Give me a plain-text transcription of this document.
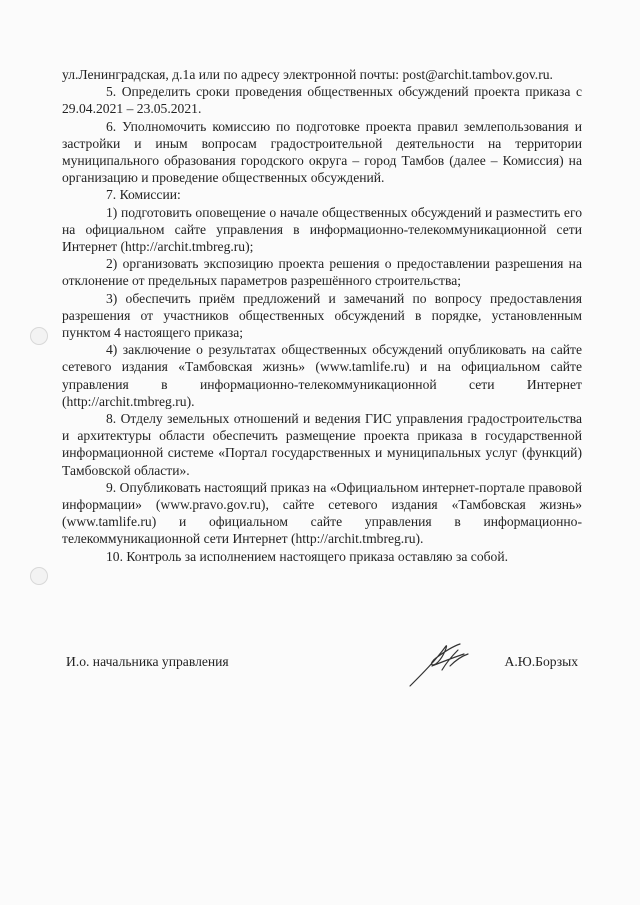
ул.Ленинградская, д.1а или по адресу электронной почты: post@archit.tambov.gov.ru.

5. Определить сроки проведения общественных обсуждений проекта приказа с 29.04.2021 – 23.05.2021.

6. Уполномочить комиссию по подготовке проекта правил землепользования и застройки и иным вопросам градостроительной деятельности на территории муниципального образования городского округа – город Тамбов (далее – Комиссия) на организацию и проведение общественных обсуждений.

7. Комиссии:

1) подготовить оповещение о начале общественных обсуждений и разместить его на официальном сайте управления в информационно-телекоммуникационной сети Интернет (http://archit.tmbreg.ru);

2) организовать экспозицию проекта решения о предоставлении разрешения на отклонение от предельных параметров разрешённого строительства;

3) обеспечить приём предложений и замечаний по вопросу предоставления разрешения от участников общественных обсуждений в порядке, установленным пунктом 4 настоящего приказа;

4) заключение о результатах общественных обсуждений опубликовать на сайте сетевого издания «Тамбовская жизнь» (www.tamlife.ru) и на официальном сайте управления в информационно-телекоммуникационной сети Интернет (http://archit.tmbreg.ru).

8. Отделу земельных отношений и ведения ГИС управления градостроительства и архитектуры области обеспечить размещение проекта приказа в государственной информационной системе «Портал государственных и муниципальных услуг (функций) Тамбовской области».

9. Опубликовать настоящий приказ на «Официальном интернет-портале правовой информации» (www.pravo.gov.ru), сайте сетевого издания «Тамбовская жизнь» (www.tamlife.ru) и официальном сайте управления в информационно-телекоммуникационной сети Интернет (http://archit.tmbreg.ru).

10. Контроль за исполнением настоящего приказа оставляю за собой.

И.о. начальника управления	А.Ю.Борзых
